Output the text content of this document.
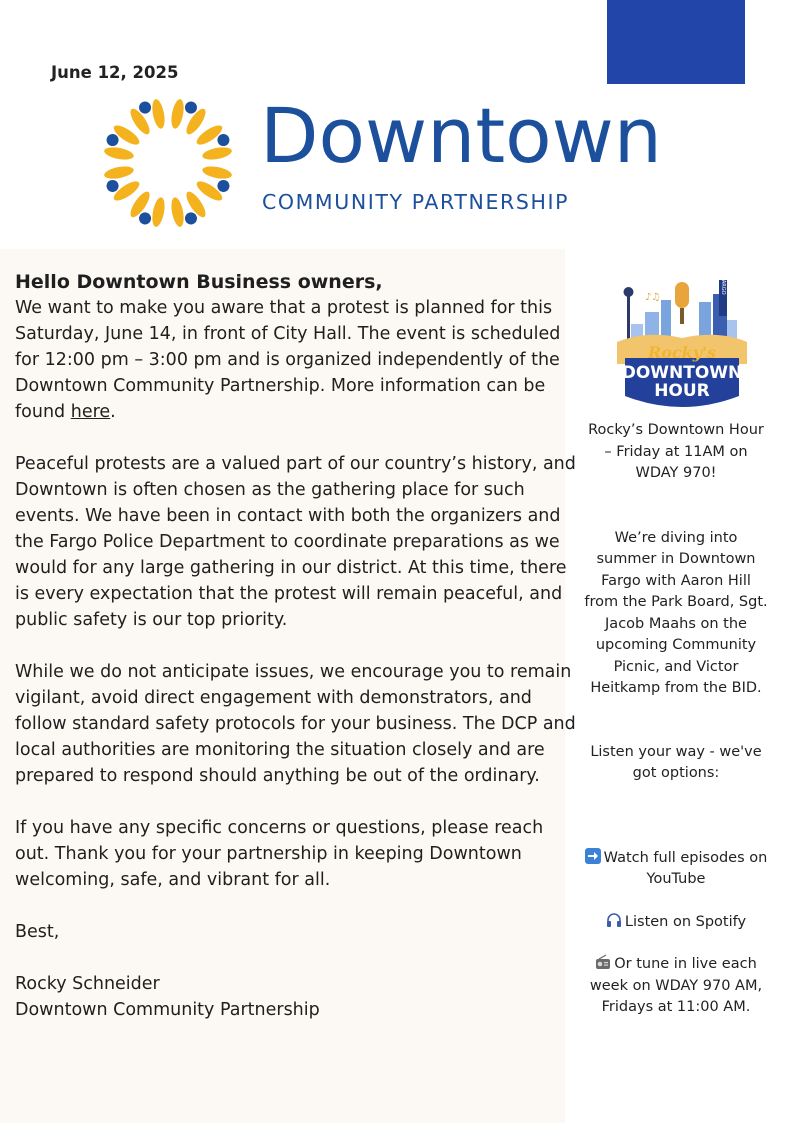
June 12, 2025
Downtown
COMMUNITY PARTNERSHIP

Hello Downtown Business owners,

We want to make you aware that a protest is planned for this Saturday, June 14, in front of City Hall. The event is scheduled for 12:00 pm – 3:00 pm and is organized independently of the Downtown Community Partnership. More information can be found here.

Peaceful protests are a valued part of our country’s history, and Downtown is often chosen as the gathering place for such events. We have been in contact with both the organizers and the Fargo Police Department to coordinate preparations as we would for any large gathering in our district. At this time, there is every expectation that the protest will remain peaceful, and public safety is our top priority.

While we do not anticipate issues, we encourage you to remain vigilant, avoid direct engagement with demonstrators, and follow standard safety protocols for your business. The DCP and local authorities are monitoring the situation closely and are prepared to respond should anything be out of the ordinary.

If you have any specific concerns or questions, please reach out. Thank you for your partnership in keeping Downtown welcoming, safe, and vibrant for all.

Best,

Rocky Schneider

Downtown Community Partnership

FARGO
Rocky's
DOWNTOWN
HOUR
♪♫

Rocky’s Downtown Hour – Friday at 11AM on WDAY 970!

We’re diving into summer in Downtown Fargo with Aaron Hill from the Park Board, Sgt. Jacob Maahs on the upcoming Community Picnic, and Victor Heitkamp from the BID.

Listen your way - we've got options:

Watch full episodes on YouTube

Listen on Spotify

Or tune in live each week on WDAY 970 AM, Fridays at 11:00 AM.
